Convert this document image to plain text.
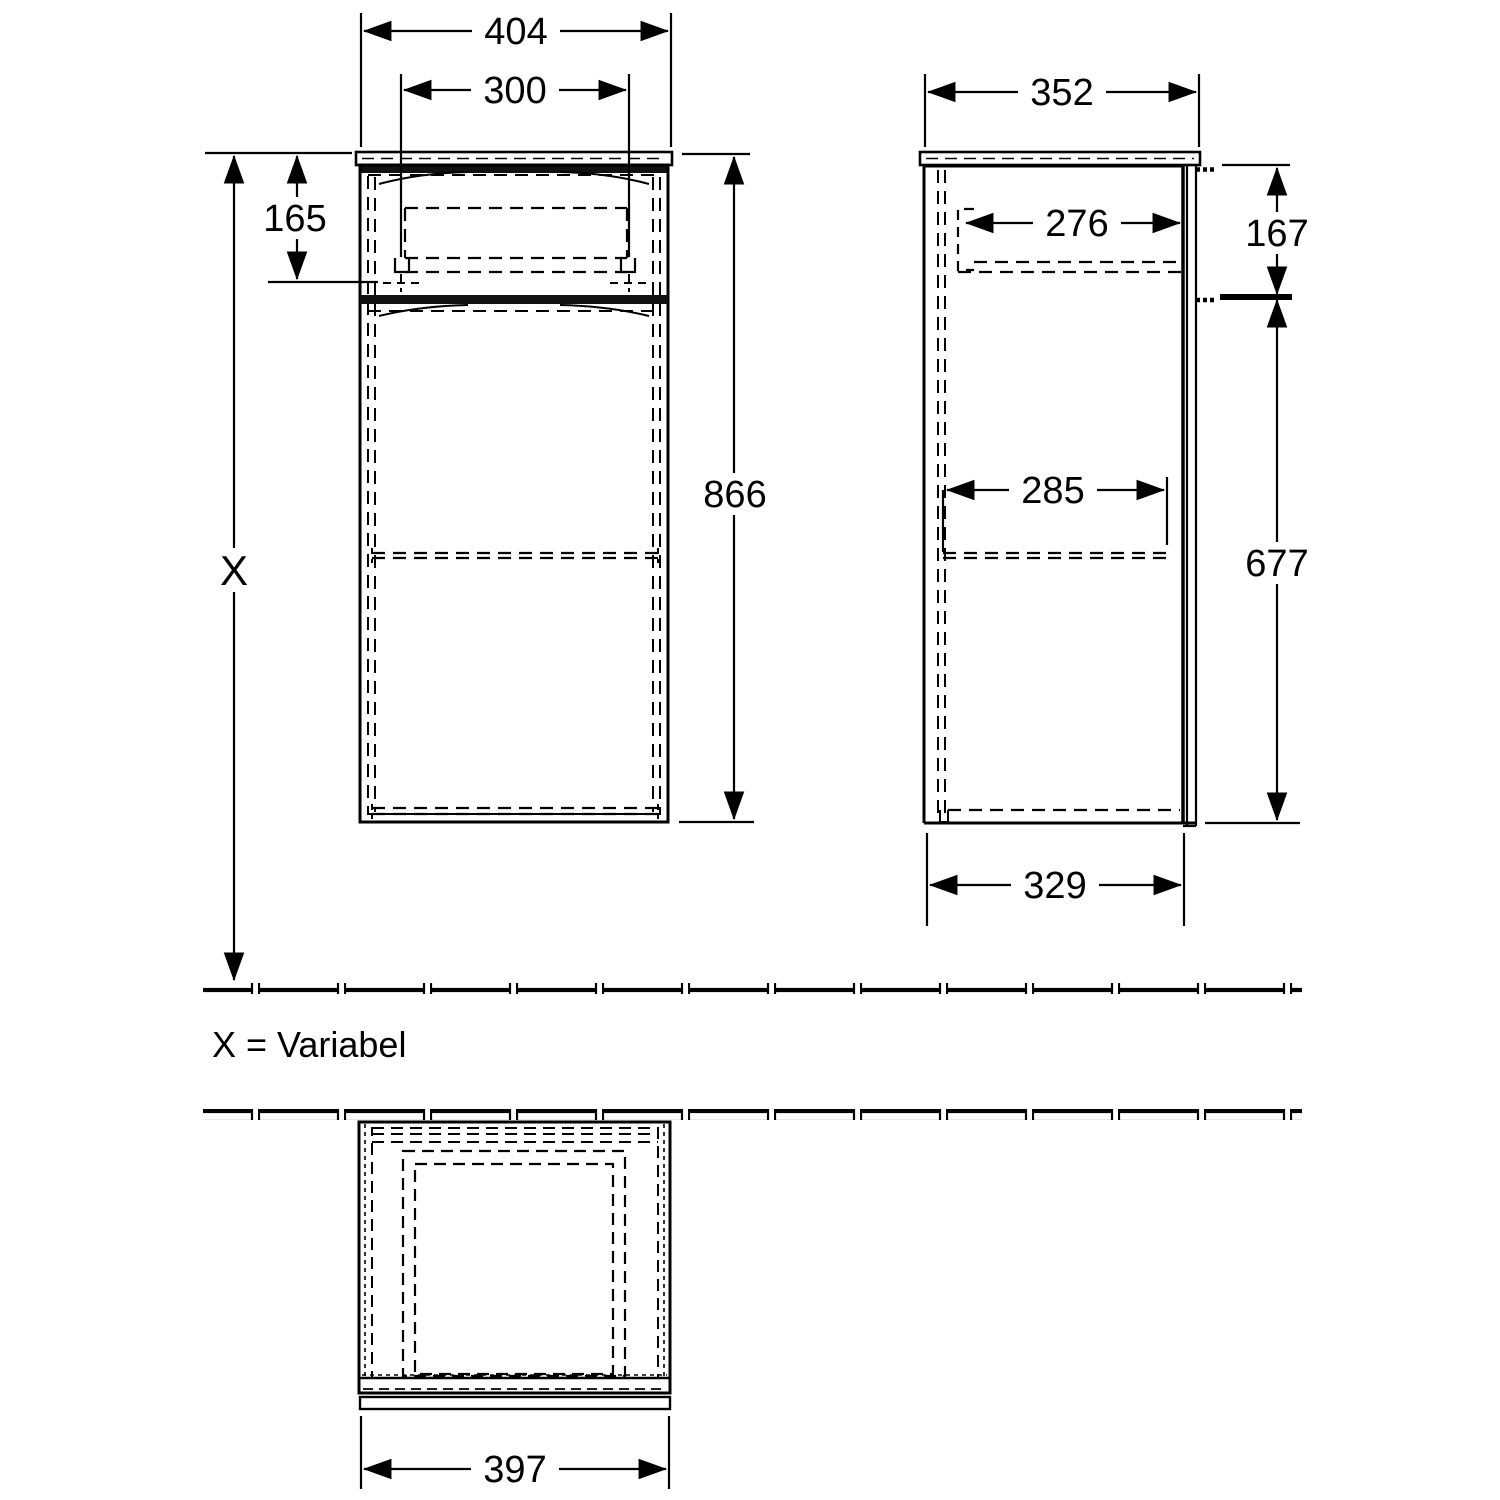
404
300
165
866
X
352
276	167
285
677
329
397
X = Variabel
